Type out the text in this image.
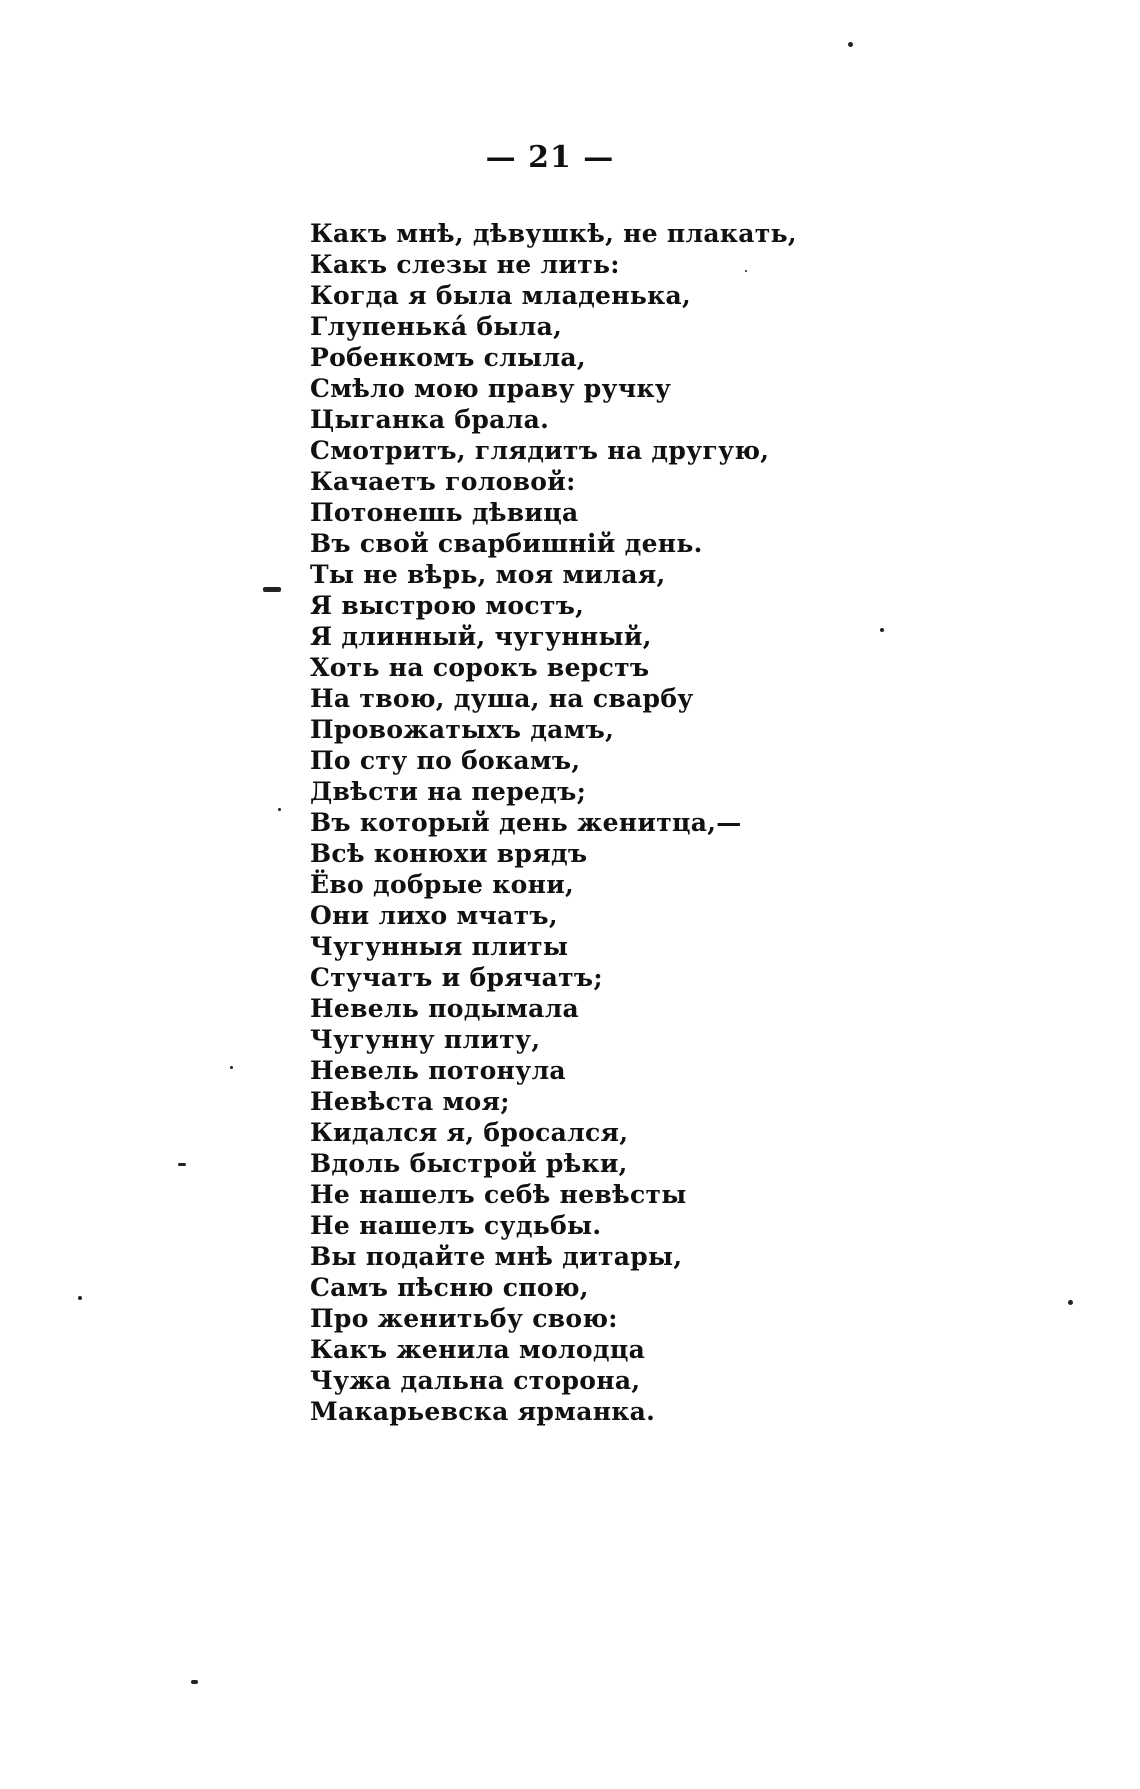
— 21 —
Какъ мнѣ, дѣвушкѣ, не плакать,
Какъ слезы не лить:
Когда я была младенька,
Глупенька́ была,
Робенкомъ слыла,
Смѣло мою праву ручку
Цыганка брала.
Смотритъ, глядитъ на другую,
Качаетъ головой:
Потонешь дѣвица
Въ свой сварбишній день.
Ты не вѣрь, моя милая,
Я выстрою мостъ,
Я длинный, чугунный,
Хоть на сорокъ верстъ
На твою, душа, на сварбу
Провожатыхъ дамъ,
По сту по бокамъ,
Двѣсти на передъ;
Въ который день женитца,—
Всѣ конюхи врядъ
Ёво добрые кони,
Они лихо мчатъ,
Чугунныя плиты
Стучатъ и брячатъ;
Невель подымала
Чугунну плиту,
Невель потонула
Невѣста моя;
Кидался я, бросался,
Вдоль быстрой рѣки,
Не нашелъ себѣ невѣсты
Не нашелъ судьбы.
Вы подайте мнѣ дитары,
Самъ пѣсню спою,
Про женитьбу свою:
Какъ женила молодца
Чужа дальна сторона,
Макарьевска ярманка.
